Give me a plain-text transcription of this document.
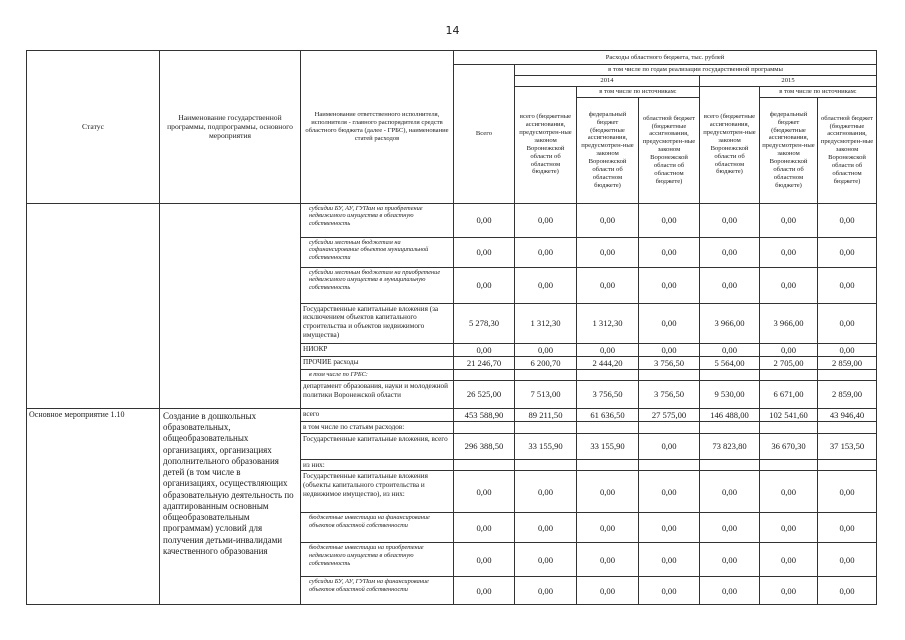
14
Статус	Наименование государственной программы, подпрограммы, основного мероприятия	Наименование ответственного исполнителя, исполнителя - главного распорядителя средств областного бюджета (далее - ГРБС), наименование статей расходов	Расходы областного бюджета, тыс. рублей						
			Всего	в том числе по годам реализации государственной программы					
				2014			2015		
				всего (бюджетные ассигнования, предусмотрен-ные законом Воронежской области об областном бюджете)	в том числе по источникам:		всего (бюджетные ассигнования, предусмотрен-ные законом Воронежской области об областном бюджете)	в том числе по источникам:	
					федеральный бюджет (бюджетные ассигнования, предусмотрен-ные законом Воронежской области об областном бюджете)	областной бюджет (бюджетные ассигнования, предусмотрен-ные законом Воронежской области об областном бюджете)		федеральный бюджет (бюджетные ассигнования, предусмотрен-ные законом Воронежской области об областном бюджете)	областной бюджет (бюджетные ассигнования, предусмотрен-ные законом Воронежской области об областном бюджете)
		субсидии БУ, АУ, ГУПам на приобретение недвижимого имущества в областную собственность	0,00	0,00	0,00	0,00	0,00	0,00	0,00
		субсидии местным бюджетам на софинансирование объектов муниципальной собственности	0,00	0,00	0,00	0,00	0,00	0,00	0,00
		субсидии местным бюджетам на приобретение недвижимого имущества в муниципальную собственность	0,00	0,00	0,00	0,00	0,00	0,00	0,00
		Государственные капитальные вложения (за исключением объектов капитального строительства и объектов недвижимого имущества)	5 278,30	1 312,30	1 312,30	0,00	3 966,00	3 966,00	0,00
		НИОКР	0,00	0,00	0,00	0,00	0,00	0,00	0,00
		ПРОЧИЕ расходы	21 246,70	6 200,70	2 444,20	3 756,50	5 564,00	2 705,00	2 859,00
		в том числе по ГРБС:							
		департамент образования, науки и молодежной политики Воронежской области	26 525,00	7 513,00	3 756,50	3 756,50	9 530,00	6 671,00	2 859,00
Основное мероприятие 1.10	Создание в дошкольных образовательных, общеобразовательных организациях, организациях дополнительного образования детей (в том числе в организациях, осуществляющих образовательную деятельность по адаптированным основным общеобразовательным программам) условий для получения детьми-инвалидами качественного образования	всего	453 588,90	89 211,50	61 636,50	27 575,00	146 488,00	102 541,60	43 946,40
		в том числе по статьям расходов:							
		Государственные капитальные вложения, всего	296 388,50	33 155,90	33 155,90	0,00	73 823,80	36 670,30	37 153,50
		из них:							
		Государственные капитальные вложения (объекты капитального строительства и недвижимое имущество), из них:	0,00	0,00	0,00	0,00	0,00	0,00	0,00
		бюджетные инвестиции на финансирование объектов областной собственности	0,00	0,00	0,00	0,00	0,00	0,00	0,00
		бюджетные инвестиции на приобретение недвижимого имущества в областную собственность	0,00	0,00	0,00	0,00	0,00	0,00	0,00
		субсидии БУ, АУ, ГУПам на финансирование объектов областной собственности	0,00	0,00	0,00	0,00	0,00	0,00	0,00
